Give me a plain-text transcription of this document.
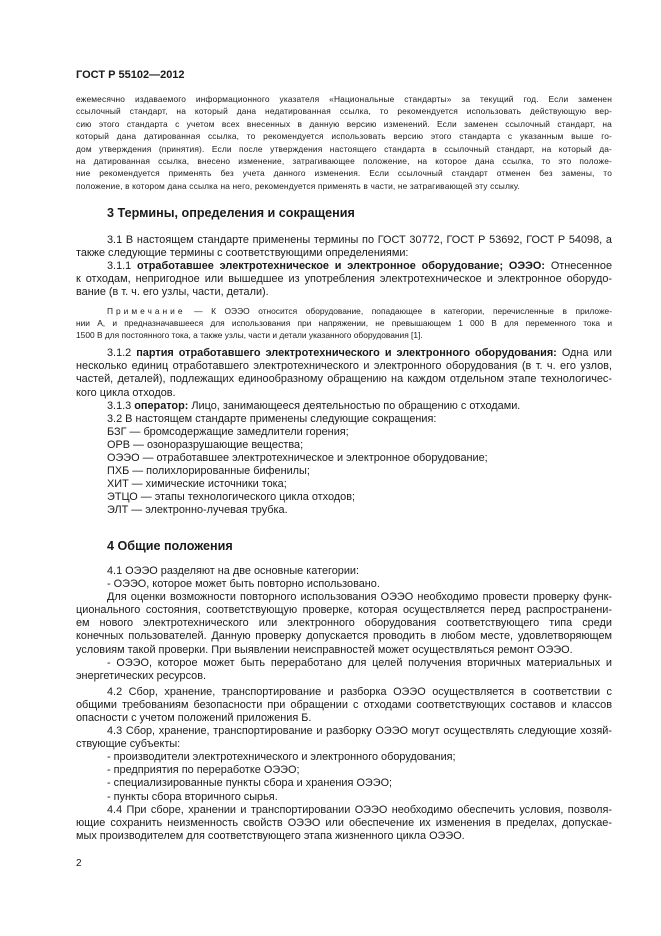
ГОСТ Р 55102—2012
ежемесячно издаваемого информационного указателя «Национальные стандарты» за текущий год. Если заменен
ссылочный стандарт, на который дана недатированная ссылка, то рекомендуется использовать действующую вер-
сию этого стандарта с учетом всех внесенных в данную версию изменений. Если заменен ссылочный стандарт, на
который дана датированная ссылка, то рекомендуется использовать версию этого стандарта с указанным выше го-
дом утверждения (принятия). Если после утверждения настоящего стандарта в ссылочный стандарт, на который да-
на датированная ссылка, внесено изменение, затрагивающее положение, на которое дана ссылка, то это положе-
ние рекомендуется применять без учета данного изменения. Если ссылочный стандарт отменен без замены, то
положение, в котором дана ссылка на него, рекомендуется применять в части, не затрагивающей эту ссылку.
3 Термины, определения и сокращения
3.1 В настоящем стандарте применены термины по ГОСТ 30772, ГОСТ Р 53692, ГОСТ Р 54098, а
также следующие термины с соответствующими определениями:
3.1.1 отработавшее электротехническое и электронное оборудование; ОЭЭО: Отнесенное
к отходам, непригодное или вышедшее из употребления электротехническое и электронное оборудо-
вание (в т. ч. его узлы, части, детали).
Примечание — К ОЭЭО относится оборудование, попадающее в категории, перечисленные в приложе-
нии А, и предназначавшееся для использования при напряжении, не превышающем 1 000 В для переменного тока и
1500 В для постоянного тока, а также узлы, части и детали указанного оборудования [1].
3.1.2 партия отработавшего электротехнического и электронного оборудования: Одна или
несколько единиц отработавшего электротехнического и электронного оборудования (в т. ч. его узлов,
частей, деталей), подлежащих единообразному обращению на каждом отдельном этапе технологичес-
кого цикла отходов.
3.1.3 оператор: Лицо, занимающееся деятельностью по обращению с отходами.
3.2 В настоящем стандарте применены следующие сокращения:
БЗГ — бромсодержащие замедлители горения;
ОРВ — озоноразрушающие вещества;
ОЭЭО — отработавшее электротехническое и электронное оборудование;
ПХБ — полихлорированные бифенилы;
ХИТ — химические источники тока;
ЭТЦО — этапы технологического цикла отходов;
ЭЛТ — электронно-лучевая трубка.
4 Общие положения
4.1 ОЭЭО разделяют на две основные категории:
- ОЭЭО, которое может быть повторно использовано.
Для оценки возможности повторного использования ОЭЭО необходимо провести проверку функ-
ционального состояния, соответствующую проверке, которая осуществляется перед распространени-
ем нового электротехнического или электронного оборудования соответствующего типа среди
конечных пользователей. Данную проверку допускается проводить в любом месте, удовлетворяющем
условиям такой проверки. При выявлении неисправностей может осуществляться ремонт ОЭЭО.
- ОЭЭО, которое может быть переработано для целей получения вторичных материальных и
энергетических ресурсов.
4.2 Сбор, хранение, транспортирование и разборка ОЭЭО осуществляется в соответствии с
общими требованиям безопасности при обращении с отходами соответствующих составов и классов
опасности с учетом положений приложения Б.
4.3 Сбор, хранение, транспортирование и разборку ОЭЭО могут осуществлять следующие хозяй-
ствующие субъекты:
- производители электротехнического и электронного оборудования;
- предприятия по переработке ОЭЭО;
- специализированные пункты сбора и хранения ОЭЭО;
- пункты сбора вторичного сырья.
4.4 При сборе, хранении и транспортировании ОЭЭО необходимо обеспечить условия, позволя-
ющие сохранить неизменность свойств ОЭЭО или обеспечение их изменения в пределах, допускае-
мых производителем для соответствующего этапа жизненного цикла ОЭЭО.
2
